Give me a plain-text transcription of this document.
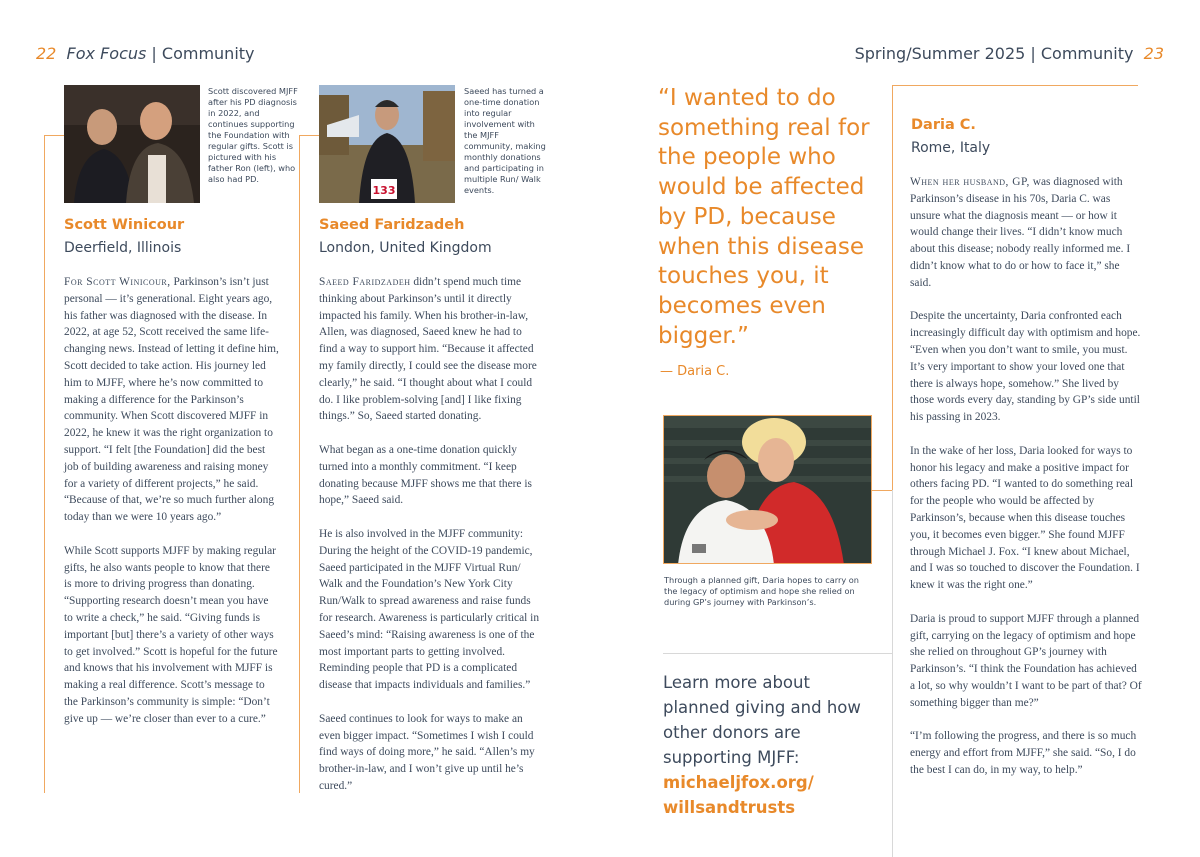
22 Fox Focus | Community	Spring/Summer 2025 | Community 23
Scott discovered MJFF after his PD diagnosis in 2022, and continues supporting the Foundation with regular gifts. Scott is pictured with his father Ron (left), who also had PD.
Scott Winicour
Deerfield, Illinois

For Scott Winicour, Parkinson’s isn’t just personal — it’s generational. Eight years ago, his father was diagnosed with the disease. In 2022, at age 52, Scott received the same life-changing news. Instead of letting it define him, Scott decided to take action. His journey led him to MJFF, where he’s now committed to making a difference for the Parkinson’s community. When Scott discovered MJFF in 2022, he knew it was the right organization to support. “I felt [the Foundation] did the best job of building awareness and raising money for a variety of different projects,” he said. “Because of that, we’re so much further along today than we were 10 years ago.”

While Scott supports MJFF by making regular gifts, he also wants people to know that there is more to driving progress than donating. “Supporting research doesn’t mean you have to write a check,” he said. “Giving funds is important [but] there’s a variety of other ways to get involved.” Scott is hopeful for the future and knows that his involvement with MJFF is making a real difference. Scott’s message to the Parkinson’s community is simple: “Don’t give up — we’re closer than ever to a cure.”

133
Saeed has turned a one-time donation into regular involvement with the MJFF community, making monthly donations and participating in multiple Run/ Walk events.
Saeed Faridzadeh
London, United Kingdom

Saeed Faridzadeh didn’t spend much time thinking about Parkinson’s until it directly impacted his family. When his brother-in-law, Allen, was diagnosed, Saeed knew he had to find a way to support him. “Because it affected my family directly, I could see the disease more clearly,” he said. “I thought about what I could do. I like problem-solving [and] I like fixing things.” So, Saeed started donating.

What began as a one-time donation quickly turned into a monthly commitment. “I keep donating because MJFF shows me that there is hope,” Saeed said.

He is also involved in the MJFF community: During the height of the COVID-19 pandemic, Saeed participated in the MJFF Virtual Run/ Walk and the Foundation’s New York City Run/Walk to spread awareness and raise funds for research. Awareness is particularly critical in Saeed’s mind: “Raising awareness is one of the most important parts to getting involved. Reminding people that PD is a complicated disease that impacts individuals and families.”

Saeed continues to look for ways to make an even bigger impact. “Sometimes I wish I could find ways of doing more,” he said. “Allen’s my brother-in-law, and I won’t give up until he’s cured.”

“I wanted to do something real for the people who would be affected by PD, because when this disease touches you, it becomes even bigger.”
— Daria C.
Through a planned gift, Daria hopes to carry on the legacy of optimism and hope she relied on during GP’s journey with Parkinson’s.
Learn more about planned giving and how other donors are supporting MJFF: michaeljfox.org/ willsandtrusts
Daria C.
Rome, Italy

When her husband, GP, was diagnosed with Parkinson’s disease in his 70s, Daria C. was unsure what the diagnosis meant — or how it would change their lives. “I didn’t know much about this disease; nobody really informed me. I didn’t know what to do or how to face it,” she said.

Despite the uncertainty, Daria confronted each increasingly difficult day with optimism and hope. “Even when you don’t want to smile, you must. It’s very important to show your loved one that there is always hope, somehow.” She lived by those words every day, standing by GP’s side until his passing in 2023.

In the wake of her loss, Daria looked for ways to honor his legacy and make a positive impact for others facing PD. “I wanted to do something real for the people who would be affected by Parkinson’s, because when this disease touches you, it becomes even bigger.” She found MJFF through Michael J. Fox. “I knew about Michael, and I was so touched to discover the Foundation. I knew it was the right one.”

Daria is proud to support MJFF through a planned gift, carrying on the legacy of optimism and hope she relied on throughout GP’s journey with Parkinson’s. “I think the Foundation has achieved a lot, so why wouldn’t I want to be part of that? Of something bigger than me?”

“I’m following the progress, and there is so much energy and effort from MJFF,” she said. “So, I do the best I can do, in my way, to help.”
